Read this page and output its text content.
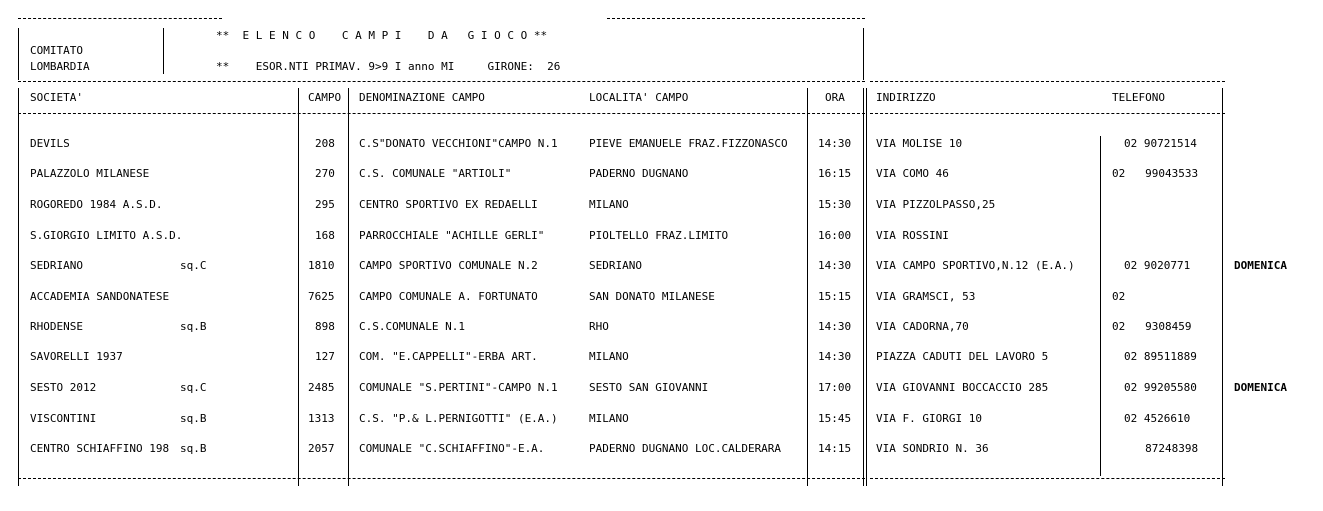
**  E L E N C O    C A M P I    D A   G I O C O **
COMITATO
LOMBARDIA	**    ESOR.NTI PRIMAV. 9>9 I anno MI     GIRONE:  26
SOCIETA'	CAMPO DENOMINAZIONE CAMPO	LOCALITA' CAMPO	ORA	INDIRIZZO	TELEFONO
DEVILS	208 C.S"DONATO VECCHIONI"CAMPO N.1	PIEVE EMANUELE FRAZ.FIZZONASCO	14:30 VIA MOLISE 10	02 90721514
PALAZZOLO MILANESE	270 C.S. COMUNALE "ARTIOLI"	PADERNO DUGNANO	16:15 VIA COMO 46	02   99043533
ROGOREDO 1984 A.S.D.	295 CENTRO SPORTIVO EX REDAELLI	MILANO	15:30 VIA PIZZOLPASSO,25
S.GIORGIO LIMITO A.S.D.	168 PARROCCHIALE "ACHILLE GERLI"	PIOLTELLO FRAZ.LIMITO	16:00 VIA ROSSINI
SEDRIANO	sq.C	1810 CAMPO SPORTIVO COMUNALE N.2	SEDRIANO	14:30 VIA CAMPO SPORTIVO,N.12 (E.A.)	02 9020771	DOMENICA
ACCADEMIA SANDONATESE	7625 CAMPO COMUNALE A. FORTUNATO	SAN DONATO MILANESE	15:15 VIA GRAMSCI, 53	02
RHODENSE	sq.B	898 C.S.COMUNALE N.1	RHO	14:30 VIA CADORNA,70	02   9308459
SAVORELLI 1937	127 COM. "E.CAPPELLI"-ERBA ART.	MILANO	14:30 PIAZZA CADUTI DEL LAVORO 5	02 89511889
SESTO 2012	sq.C	2485 COMUNALE "S.PERTINI"-CAMPO N.1	SESTO SAN GIOVANNI	17:00 VIA GIOVANNI BOCCACCIO 285	02 99205580	DOMENICA
VISCONTINI	sq.B	1313 C.S. "P.& L.PERNIGOTTI" (E.A.)	MILANO	15:45 VIA F. GIORGI 10	02 4526610
CENTRO SCHIAFFINO 198 sq.B	2057 COMUNALE "C.SCHIAFFINO"-E.A.	PADERNO DUGNANO LOC.CALDERARA	14:15 VIA SONDRIO N. 36	87248398
